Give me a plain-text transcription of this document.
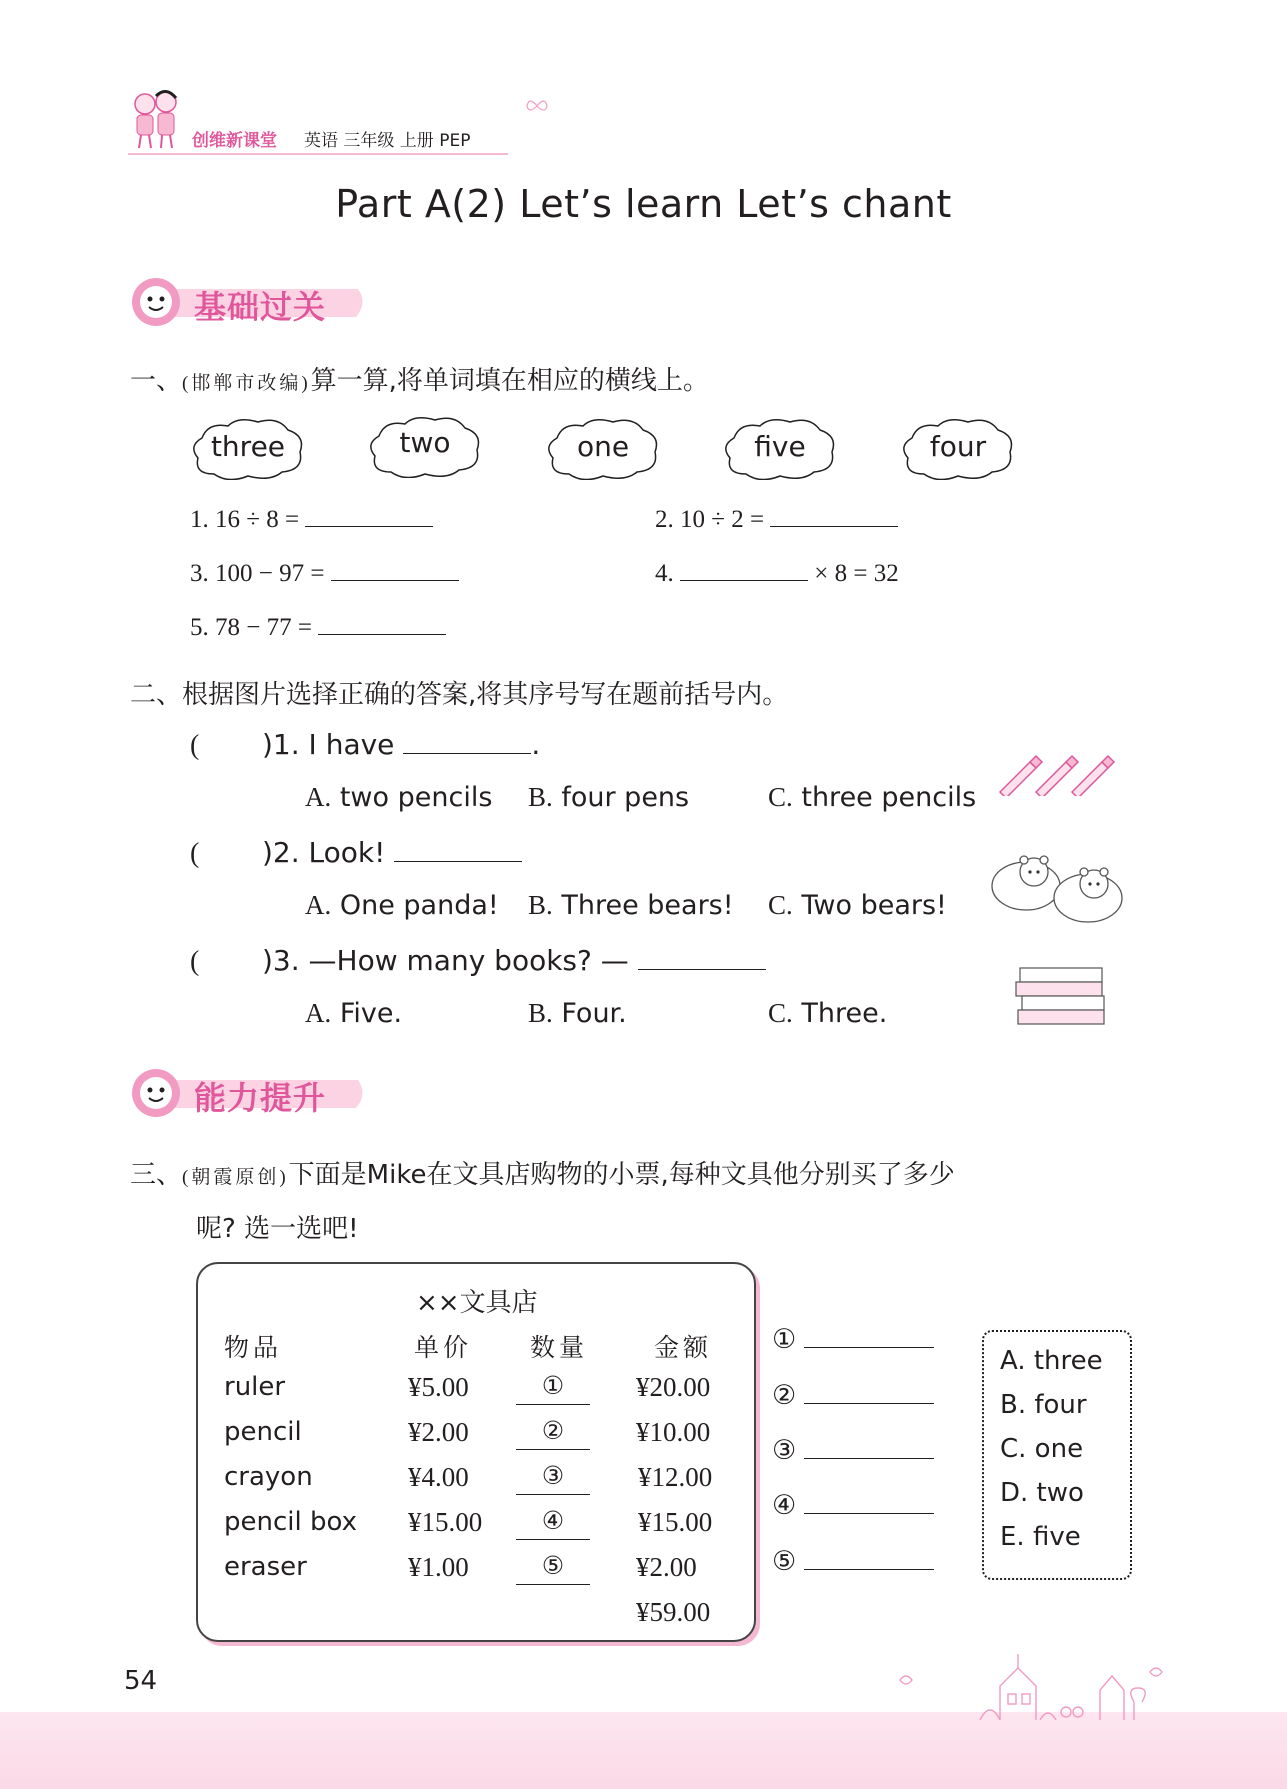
创维新课堂 英语 三年级 上册 PEP
Part A(2) Let’s learn Let’s chant
基础过关
一、(邯郸市改编)算一算,将单词填在相应的横线上。
three	two	one	five	four
1. 16 ÷ 8 =	2. 10 ÷ 2 =
3. 100 − 97 =	4.	× 8 = 32
5. 78 − 77 =
二、根据图片选择正确的答案,将其序号写在题前括号内。
( )1. I have	.
A. two pencils B. four pens	C. three pencils
( )2. Look!
A. One panda! B. Three bears! C. Two bears!
( )3. —How many books? —
A. Five.	B. Four.	C. Three.
能力提升
三、(朝霞原创)下面是Mike在文具店购物的小票,每种文具他分别买了多少
呢? 选一选吧!
××文具店
物品	单价 数量	金额
ruler	¥5.00	①	¥20.00
pencil	¥2.00	②	¥10.00
crayon	¥4.00	③	¥12.00
pencil box ¥15.00	④	¥15.00
eraser	¥1.00	⑤	¥2.00
¥59.00
①
②
③
④
⑤
A. three
B. four
C. one
D. two
E. five
54
